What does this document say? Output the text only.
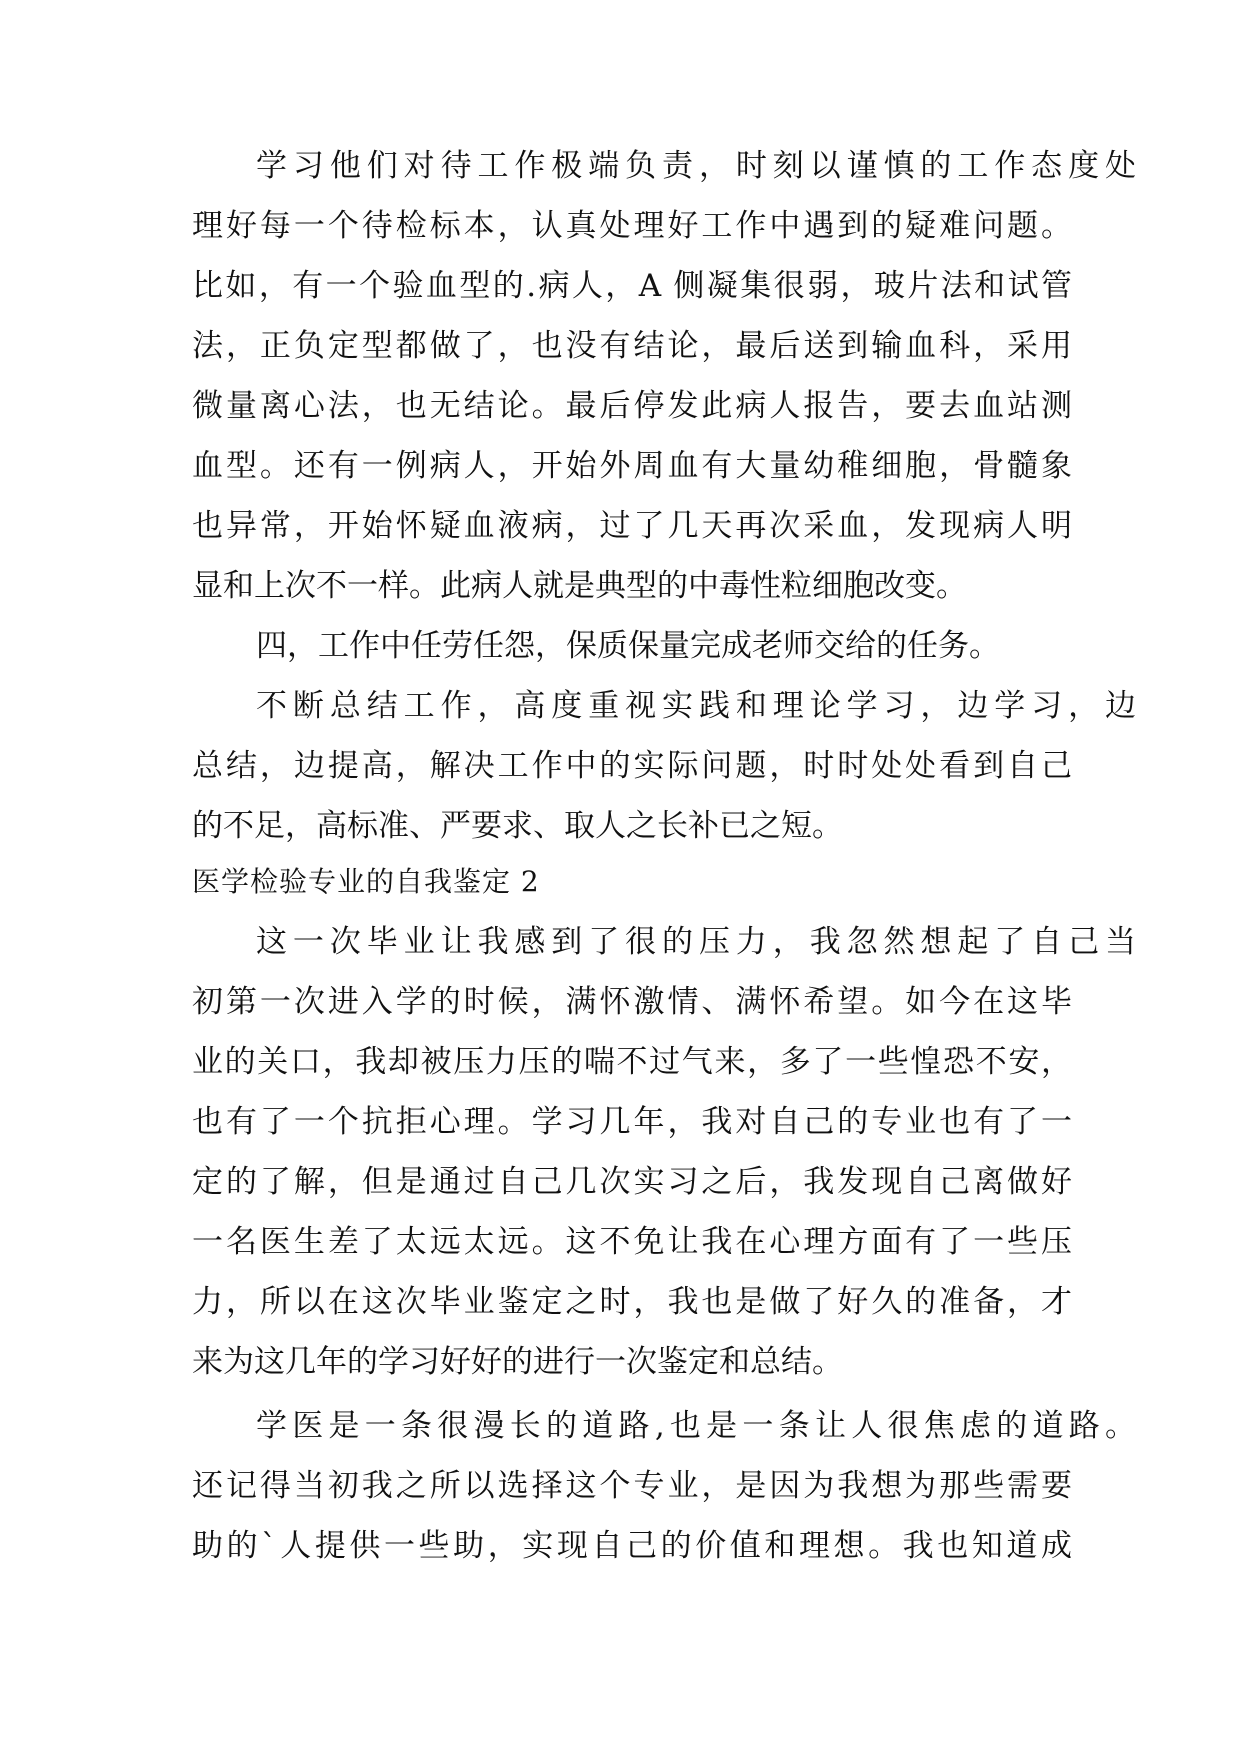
学习他们对待工作极端负责，时刻以谨慎的工作态度处
理好每一个待检标本，认真处理好工作中遇到的疑难问题。
比如，有一个验血型的.病人，A 侧凝集很弱，玻片法和试管
法，正负定型都做了，也没有结论，最后送到输血科，采用
微量离心法，也无结论。最后停发此病人报告，要去血站测
血型。还有一例病人，开始外周血有大量幼稚细胞，骨髓象
也异常，开始怀疑血液病，过了几天再次采血，发现病人明
显和上次不一样。此病人就是典型的中毒性粒细胞改变。
四，工作中任劳任怨，保质保量完成老师交给的任务。
不断总结工作，高度重视实践和理论学习，边学习，边
总结，边提高，解决工作中的实际问题，时时处处看到自己
的不足，高标准、严要求、取人之长补已之短。
医学检验专业的自我鉴定 2
这一次毕业让我感到了很的压力，我忽然想起了自己当
初第一次进入学的时候，满怀激情、满怀希望。如今在这毕
业的关口，我却被压力压的喘不过气来，多了一些惶恐不安，
也有了一个抗拒心理。学习几年，我对自己的专业也有了一
定的了解，但是通过自己几次实习之后，我发现自己离做好
一名医生差了太远太远。这不免让我在心理方面有了一些压
力，所以在这次毕业鉴定之时，我也是做了好久的准备，才
来为这几年的学习好好的进行一次鉴定和总结。
学医是一条很漫长的道路,也是一条让人很焦虑的道路。
还记得当初我之所以选择这个专业，是因为我想为那些需要
助的`人提供一些助，实现自己的价值和理想。我也知道成
